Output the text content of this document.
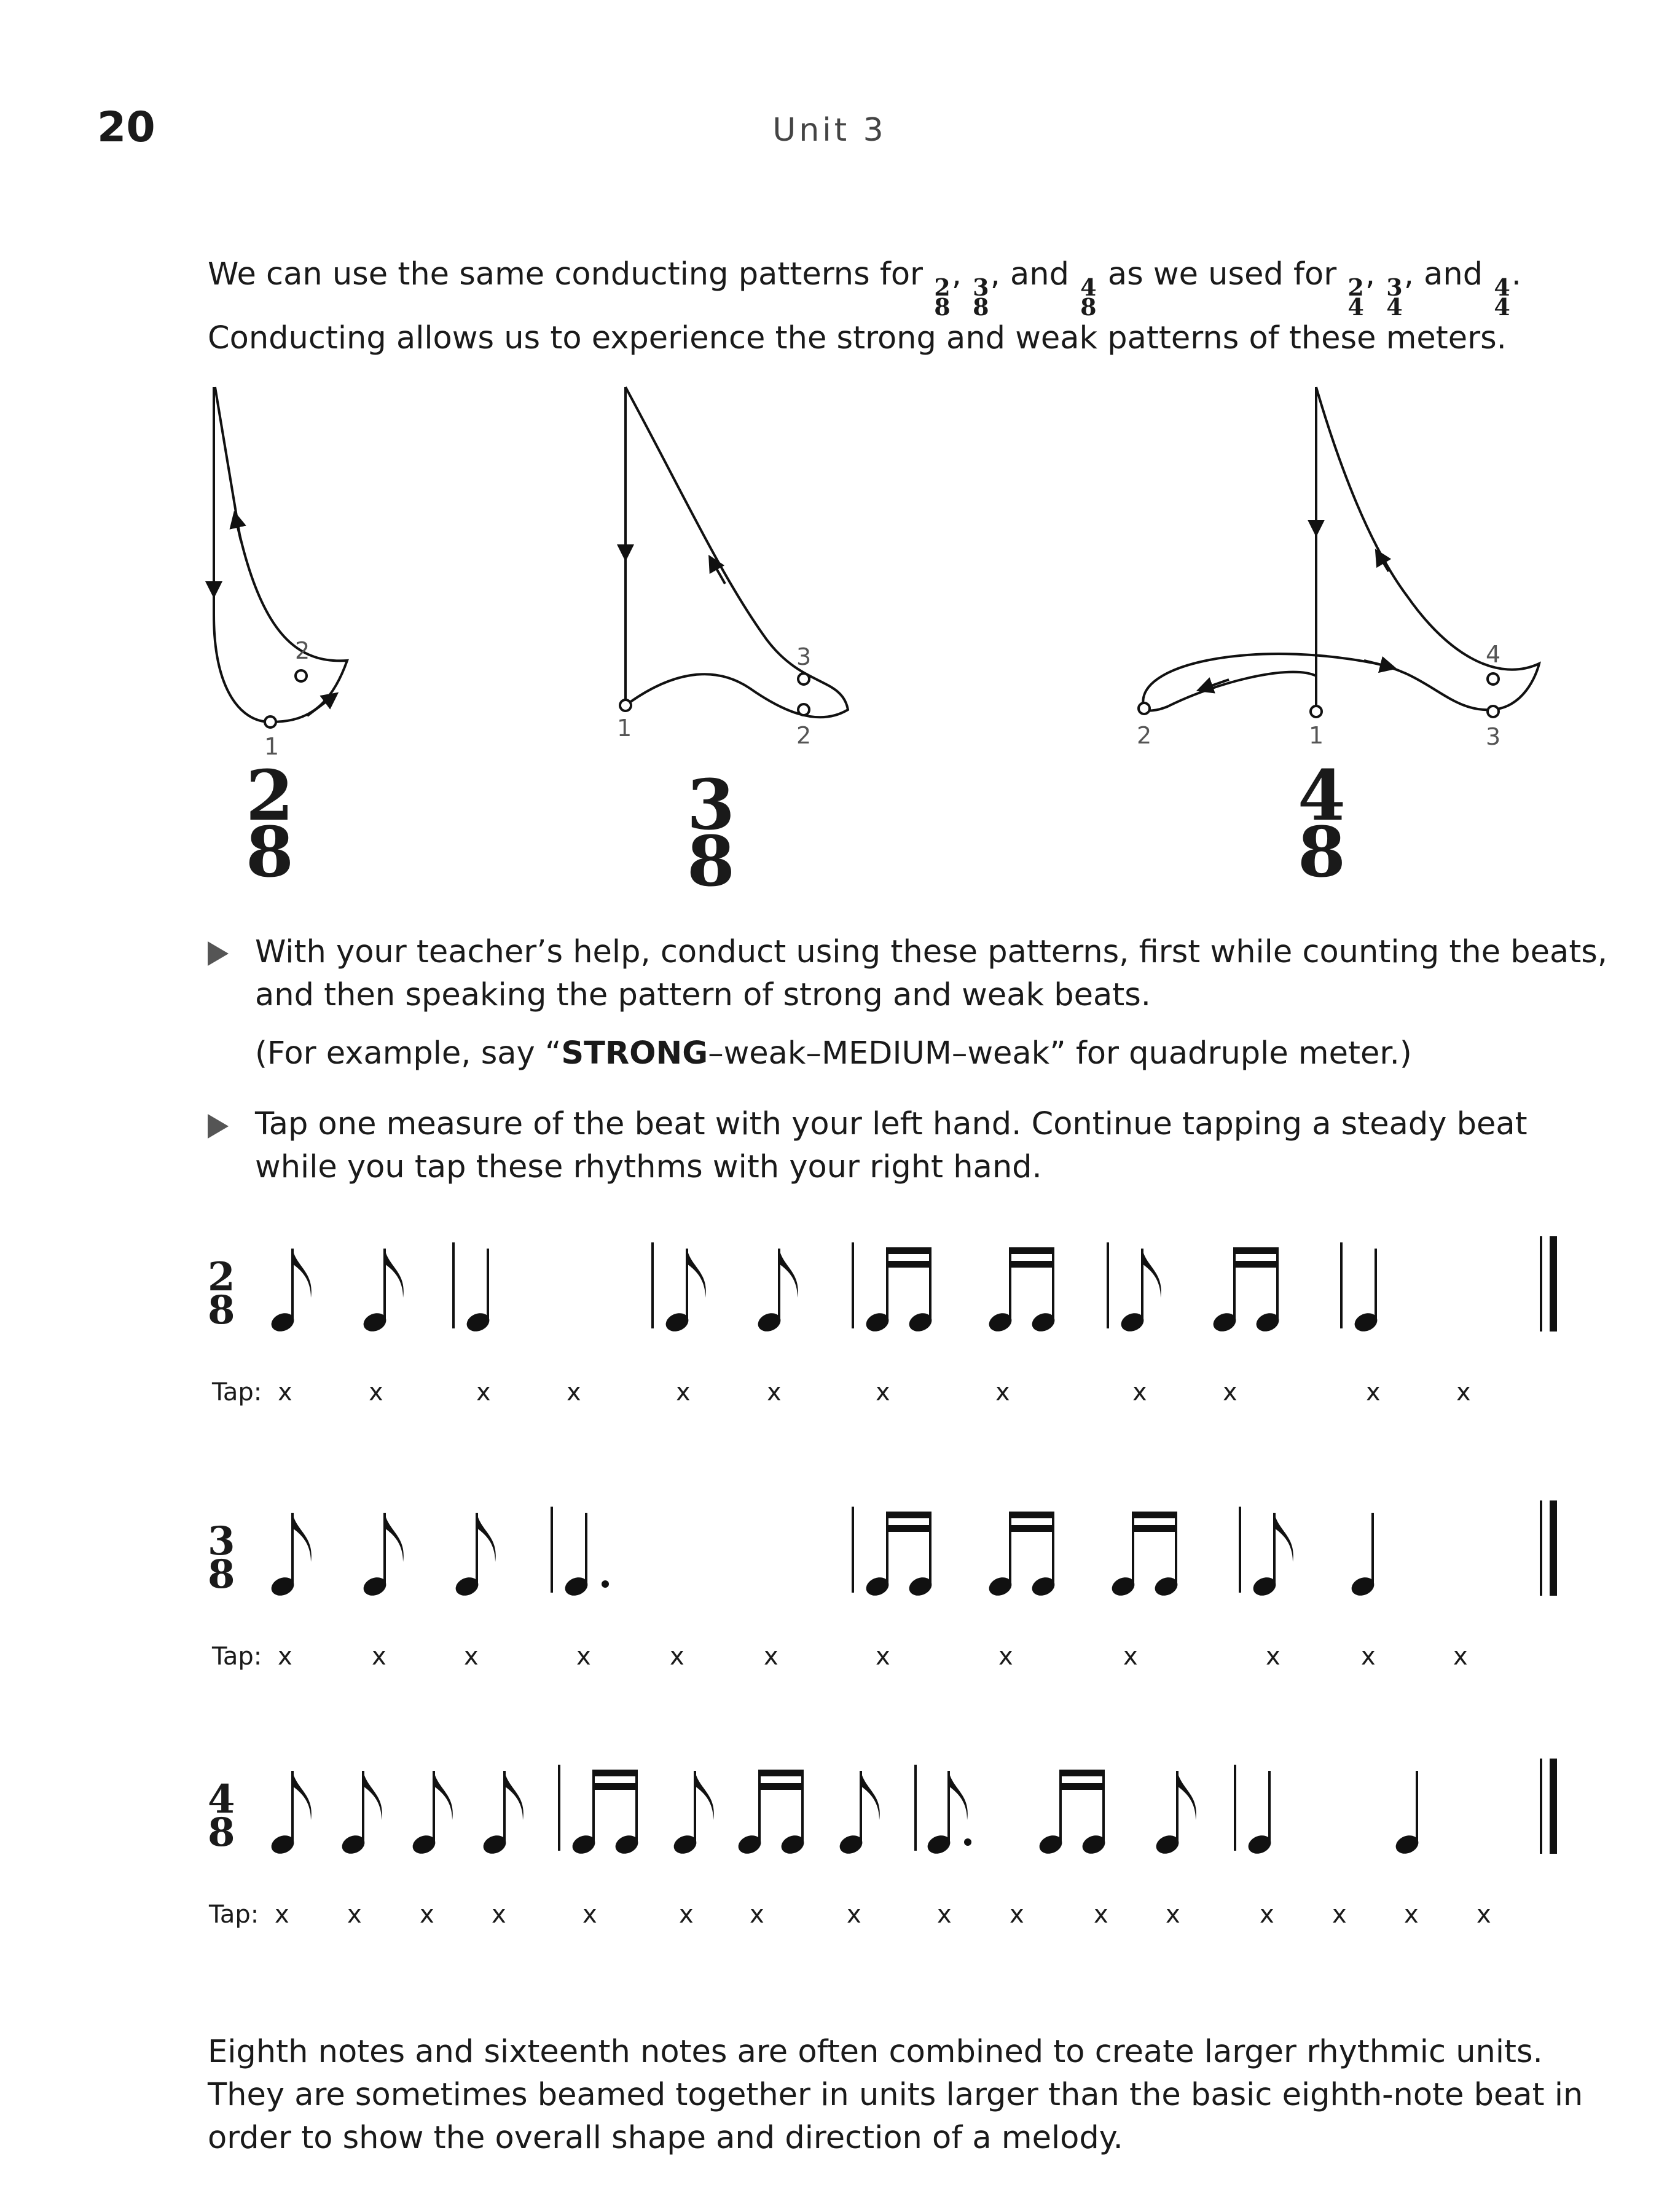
20	Unit 3

We can use the same conducting patterns for 2
8
, 3
8
, and 4
8
as we used for 2
4
, 3
4
, and 4
4
.
Conducting allows us to experience the strong and weak patterns of these meters.

1
2
1	2
3
1
2	3
4
2
8
3
8
4
8

With your teacher’s help, conduct using these patterns, first while counting the beats,
and then speaking the pattern of strong and weak beats.

(For example, say “STRONG–weak–MEDIUM–weak” for quadruple meter.)

Tap one measure of the beat with your left hand. Continue tapping a steady beat
while you tap these rhythms with your right hand.

2
8
3
8
4
8
Tap: x	x	x	x	x	x	x	x	x	x	x	x
Tap: x	x	x	x	x	x	x	x	x	x	x	x
Tap: x x x x	x	x x	x	x x	x x	x x x x

Eighth notes and sixteenth notes are often combined to create larger rhythmic units.
They are sometimes beamed together in units larger than the basic eighth-note beat in
order to show the overall shape and direction of a melody.
